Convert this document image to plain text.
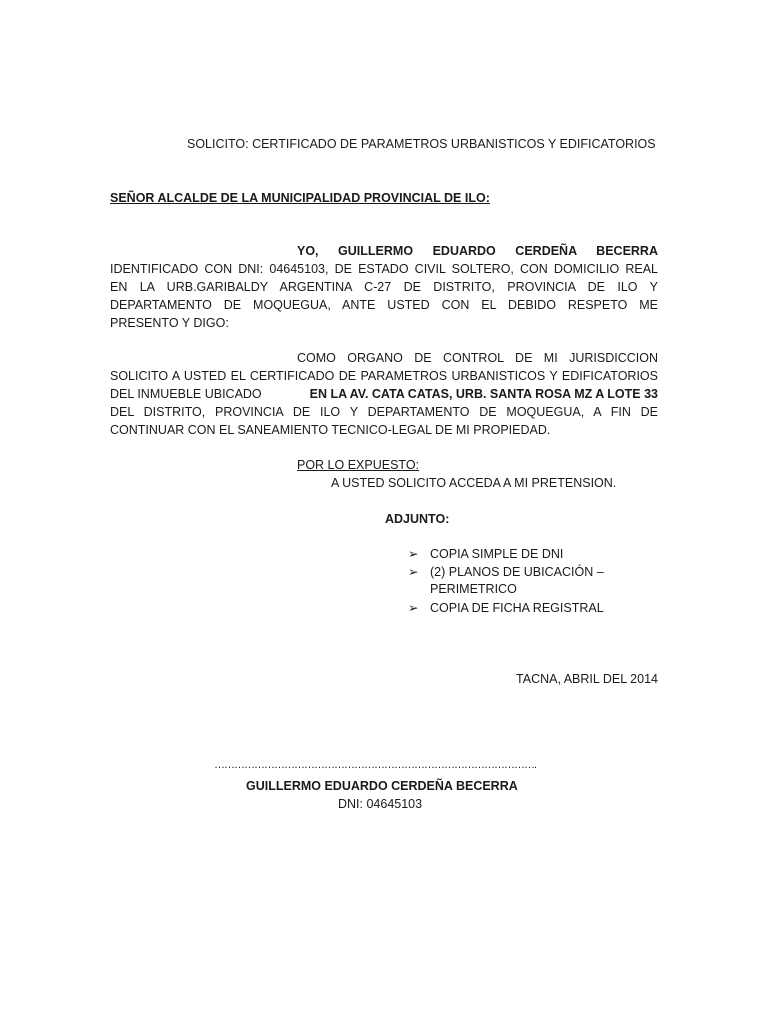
SOLICITO: CERTIFICADO DE PARAMETROS URBANISTICOS Y EDIFICATORIOS
SEÑOR ALCALDE DE LA MUNICIPALIDAD PROVINCIAL DE ILO:
YO, GUILLERMO EDUARDO CERDEÑA BECERRA
IDENTIFICADO CON DNI: 04645103, DE ESTADO CIVIL SOLTERO, CON DOMICILIO REAL
EN LA URB.GARIBALDY ARGENTINA C-27 DE DISTRITO, PROVINCIA DE ILO Y
DEPARTAMENTO DE MOQUEGUA, ANTE USTED CON EL DEBIDO RESPETO ME
PRESENTO Y DIGO:
COMO ORGANO DE CONTROL DE MI JURISDICCION
SOLICITO A USTED EL CERTIFICADO DE PARAMETROS URBANISTICOS Y EDIFICATORIOS
DEL INMUEBLE UBICADO	EN LA AV. CATA CATAS, URB. SANTA ROSA MZ A LOTE 33
DEL DISTRITO, PROVINCIA DE ILO Y DEPARTAMENTO DE MOQUEGUA, A FIN DE
CONTINUAR CON EL SANEAMIENTO TECNICO-LEGAL DE MI PROPIEDAD.
POR LO EXPUESTO:
A USTED SOLICITO ACCEDA A MI PRETENSION.
ADJUNTO:
➢ COPIA SIMPLE DE DNI
➢ (2) PLANOS DE UBICACIÓN –
PERIMETRICO
➢ COPIA DE FICHA REGISTRAL
TACNA, ABRIL DEL 2014
…………………………………………………………………………………….
GUILLERMO EDUARDO CERDEÑA BECERRA
DNI: 04645103
